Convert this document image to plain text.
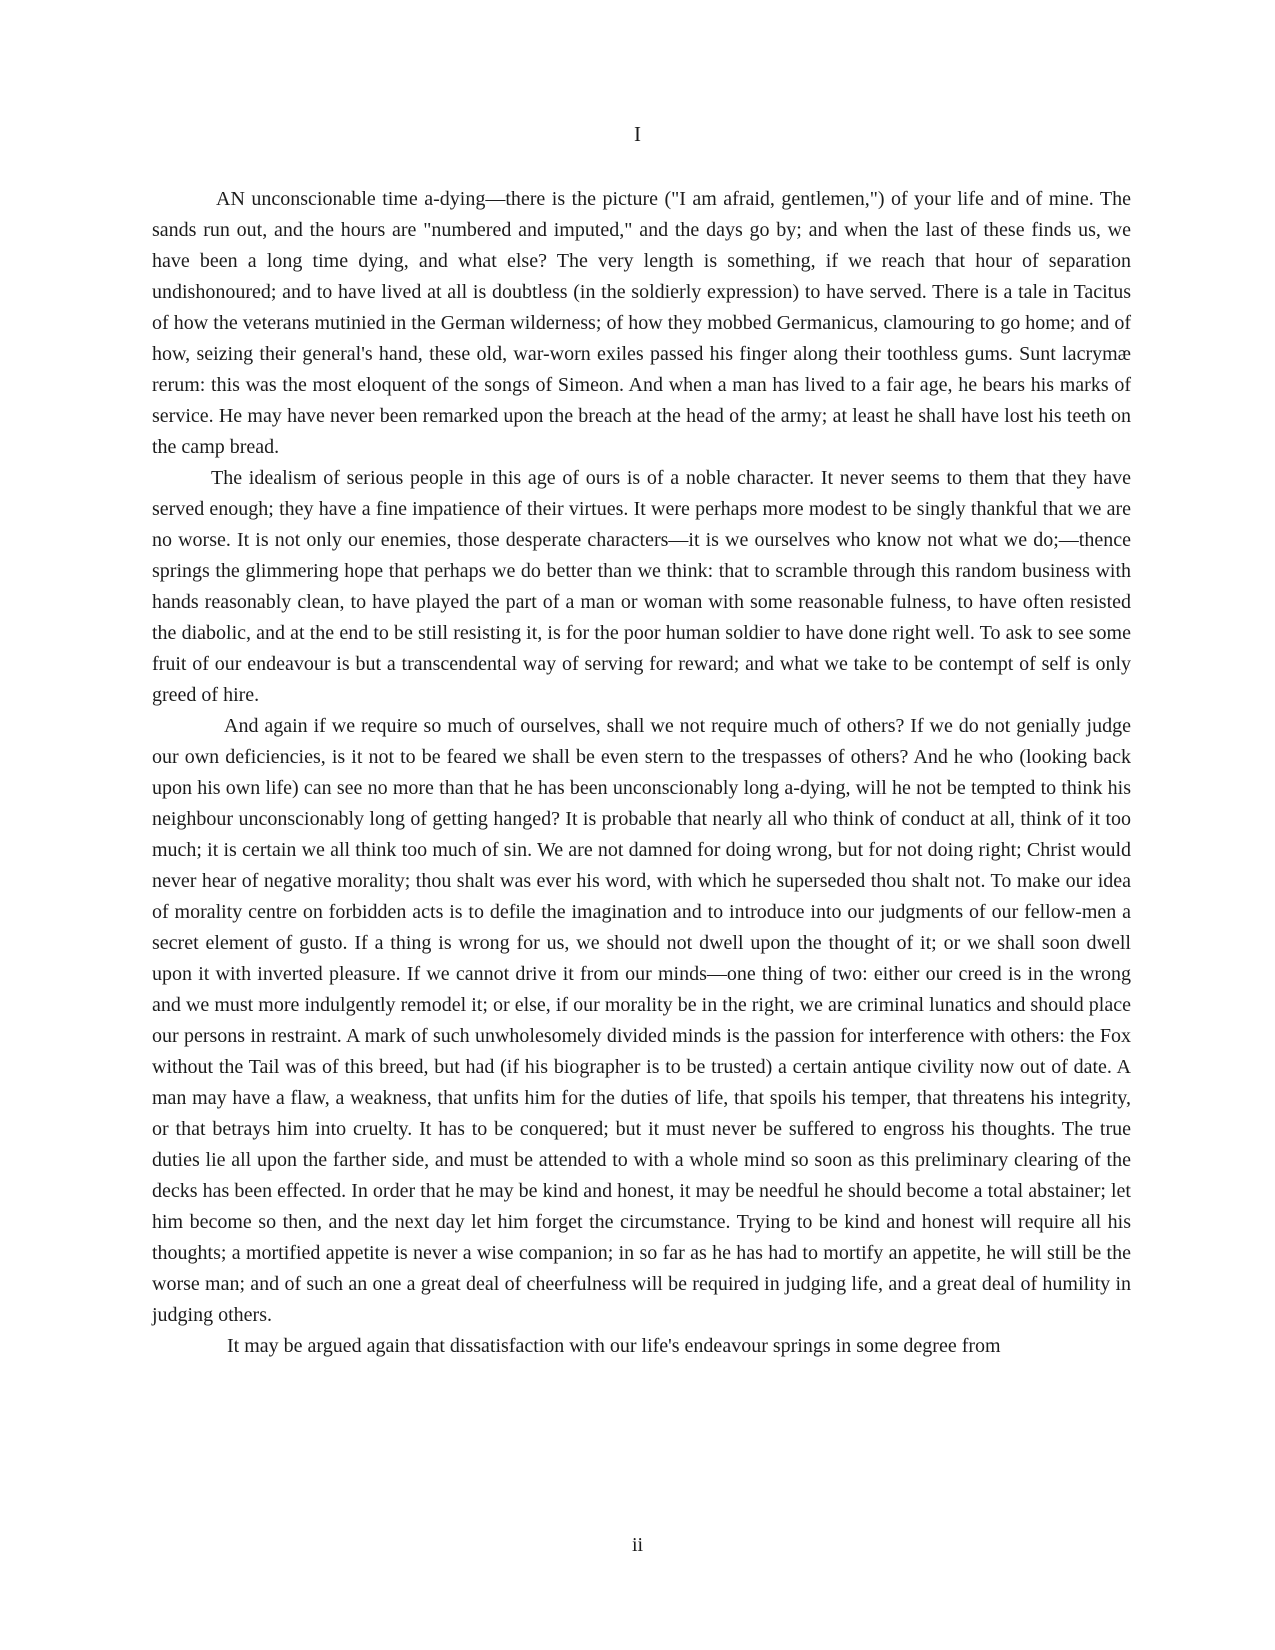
I

AN unconscionable time a-dying—there is the picture ("I am afraid, gentlemen,") of your life and of mine. The sands run out, and the hours are "numbered and imputed," and the days go by; and when the last of these finds us, we have been a long time dying, and what else? The very length is something, if we reach that hour of separation undishonoured; and to have lived at all is doubtless (in the soldierly expression) to have served. There is a tale in Tacitus of how the veterans mutinied in the German wilderness; of how they mobbed Germanicus, clamouring to go home; and of how, seizing their general's hand, these old, war-worn exiles passed his finger along their toothless gums. Sunt lacrymæ rerum: this was the most eloquent of the songs of Simeon. And when a man has lived to a fair age, he bears his marks of service. He may have never been remarked upon the breach at the head of the army; at least he shall have lost his teeth on the camp bread.

The idealism of serious people in this age of ours is of a noble character. It never seems to them that they have served enough; they have a fine impatience of their virtues. It were perhaps more modest to be singly thankful that we are no worse. It is not only our enemies, those desperate characters—it is we ourselves who know not what we do;—thence springs the glimmering hope that perhaps we do better than we think: that to scramble through this random business with hands reasonably clean, to have played the part of a man or woman with some reasonable fulness, to have often resisted the diabolic, and at the end to be still resisting it, is for the poor human soldier to have done right well. To ask to see some fruit of our endeavour is but a transcendental way of serving for reward; and what we take to be contempt of self is only greed of hire.

And again if we require so much of ourselves, shall we not require much of others? If we do not genially judge our own deficiencies, is it not to be feared we shall be even stern to the trespasses of others? And he who (looking back upon his own life) can see no more than that he has been unconscionably long a-dying, will he not be tempted to think his neighbour unconscionably long of getting hanged? It is probable that nearly all who think of conduct at all, think of it too much; it is certain we all think too much of sin. We are not damned for doing wrong, but for not doing right; Christ would never hear of negative morality; thou shalt was ever his word, with which he superseded thou shalt not. To make our idea of morality centre on forbidden acts is to defile the imagination and to introduce into our judgments of our fellow-men a secret element of gusto. If a thing is wrong for us, we should not dwell upon the thought of it; or we shall soon dwell upon it with inverted pleasure. If we cannot drive it from our minds—one thing of two: either our creed is in the wrong and we must more indulgently remodel it; or else, if our morality be in the right, we are criminal lunatics and should place our persons in restraint. A mark of such unwholesomely divided minds is the passion for interference with others: the Fox without the Tail was of this breed, but had (if his biographer is to be trusted) a certain antique civility now out of date. A man may have a flaw, a weakness, that unfits him for the duties of life, that spoils his temper, that threatens his integrity, or that betrays him into cruelty. It has to be conquered; but it must never be suffered to engross his thoughts. The true duties lie all upon the farther side, and must be attended to with a whole mind so soon as this preliminary clearing of the decks has been effected. In order that he may be kind and honest, it may be needful he should become a total abstainer; let him become so then, and the next day let him forget the circumstance. Trying to be kind and honest will require all his thoughts; a mortified appetite is never a wise companion; in so far as he has had to mortify an appetite, he will still be the worse man; and of such an one a great deal of cheerfulness will be required in judging life, and a great deal of humility in judging others.

It may be argued again that dissatisfaction with our life's endeavour springs in some degree from

ii
